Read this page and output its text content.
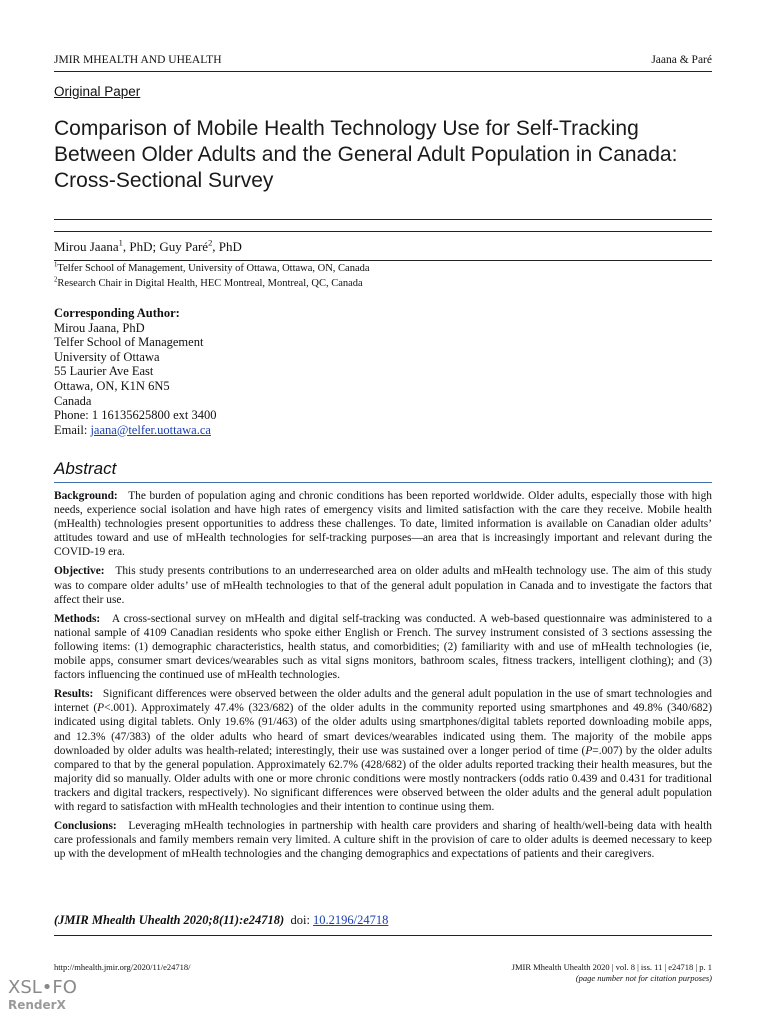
JMIR MHEALTH AND UHEALTH	Jaana & Paré
Original Paper
Comparison of Mobile Health Technology Use for Self-Tracking Between Older Adults and the General Adult Population in Canada: Cross-Sectional Survey
Mirou Jaana$^1$, PhD; Guy Paré$^2$, PhD
$^1$Telfer School of Management, University of Ottawa, Ottawa, ON, Canada
$^2$Research Chair in Digital Health, HEC Montreal, Montreal, QC, Canada
Corresponding Author:
Mirou Jaana, PhD
Telfer School of Management
University of Ottawa
55 Laurier Ave East
Ottawa, ON, K1N 6N5
Canada
Phone: 1 16135625800 ext 3400
Email: jaana@telfer.uottawa.ca
Abstract

Background: The burden of population aging and chronic conditions has been reported worldwide. Older adults, especially those with high needs, experience social isolation and have high rates of emergency visits and limited satisfaction with the care they receive. Mobile health (mHealth) technologies present opportunities to address these challenges. To date, limited information is available on Canadian older adults’ attitudes toward and use of mHealth technologies for self-tracking purposes—an area that is increasingly important and relevant during the COVID-19 era.

Objective: This study presents contributions to an underresearched area on older adults and mHealth technology use. The aim of this study was to compare older adults’ use of mHealth technologies to that of the general adult population in Canada and to investigate the factors that affect their use.

Methods: A cross-sectional survey on mHealth and digital self-tracking was conducted. A web-based questionnaire was administered to a national sample of 4109 Canadian residents who spoke either English or French. The survey instrument consisted of 3 sections assessing the following items: (1) demographic characteristics, health status, and comorbidities; (2) familiarity with and use of mHealth technologies (ie, mobile apps, consumer smart devices/wearables such as vital signs monitors, bathroom scales, fitness trackers, intelligent clothing); and (3) factors influencing the continued use of mHealth technologies.

Results: Significant differences were observed between the older adults and the general adult population in the use of smart technologies and internet (P<.001). Approximately 47.4% (323/682) of the older adults in the community reported using smartphones and 49.8% (340/682) indicated using digital tablets. Only 19.6% (91/463) of the older adults using smartphones/digital tablets reported downloading mobile apps, and 12.3% (47/383) of the older adults who heard of smart devices/wearables indicated using them. The majority of the mobile apps downloaded by older adults was health-related; interestingly, their use was sustained over a longer period of time (P=.007) by the older adults compared to that by the general population. Approximately 62.7% (428/682) of the older adults reported tracking their health measures, but the majority did so manually. Older adults with one or more chronic conditions were mostly nontrackers (odds ratio 0.439 and 0.431 for traditional trackers and digital trackers, respectively). No significant differences were observed between the older adults and the general adult population with regard to satisfaction with mHealth technologies and their intention to continue using them.

Conclusions: Leveraging mHealth technologies in partnership with health care providers and sharing of health/well-being data with health care professionals and family members remain very limited. A culture shift in the provision of care to older adults is deemed necessary to keep up with the development of mHealth technologies and the changing demographics and expectations of patients and their caregivers.

(JMIR Mhealth Uhealth 2020;8(11):e24718) doi: 10.2196/24718
http://mhealth.jmir.org/2020/11/e24718/	JMIR Mhealth Uhealth 2020 | vol. 8 | iss. 11 | e24718 | p. 1
(page number not for citation purposes)
XSL•FO
RenderX
